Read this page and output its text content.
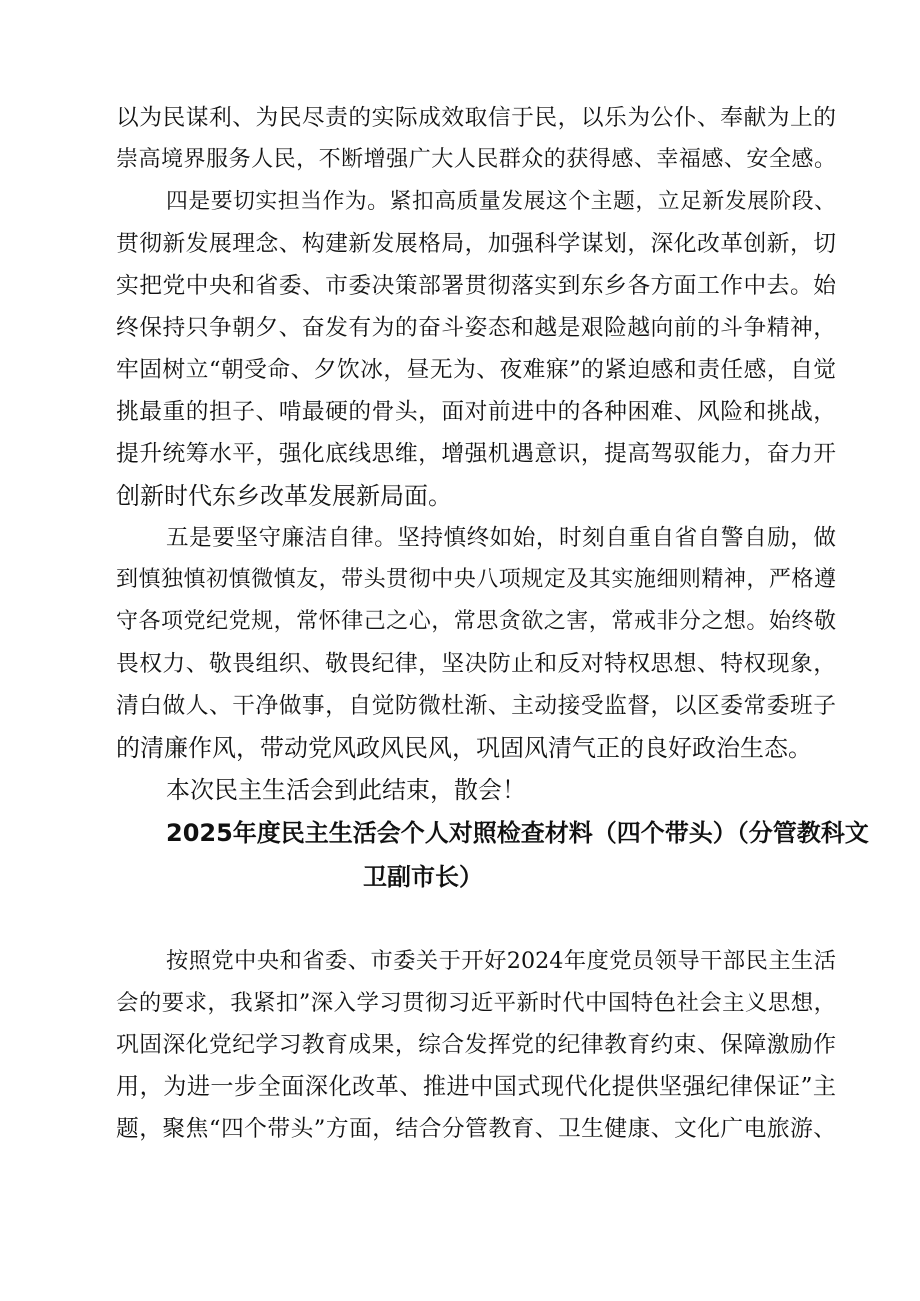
以为民谋利、为民尽责的实际成效取信于民，以乐为公仆、奉献为上的
崇高境界服务人民，不断增强广大人民群众的获得感、幸福感、安全感。
四是要切实担当作为。紧扣高质量发展这个主题，立足新发展阶段、
贯彻新发展理念、构建新发展格局，加强科学谋划，深化改革创新，切
实把党中央和省委、市委决策部署贯彻落实到东乡各方面工作中去。始
终保持只争朝夕、奋发有为的奋斗姿态和越是艰险越向前的斗争精神，
牢固树立“朝受命、夕饮冰，昼无为、夜难寐”的紧迫感和责任感，自觉
挑最重的担子、啃最硬的骨头，面对前进中的各种困难、风险和挑战，
提升统筹水平，强化底线思维，增强机遇意识，提高驾驭能力，奋力开
创新时代东乡改革发展新局面。
五是要坚守廉洁自律。坚持慎终如始，时刻自重自省自警自励，做
到慎独慎初慎微慎友，带头贯彻中央八项规定及其实施细则精神，严格遵
守各项党纪党规，常怀律己之心，常思贪欲之害，常戒非分之想。始终敬
畏权力、敬畏组织、敬畏纪律，坚决防止和反对特权思想、特权现象，
清白做人、干净做事，自觉防微杜渐、主动接受监督，以区委常委班子
的清廉作风，带动党风政风民风，巩固风清气正的良好政治生态。
本次民主生活会到此结束，散会！
2025年度民主生活会个人对照检查材料（四个带头）（分管教科文
卫副市长）
按照党中央和省委、市委关于开好2024年度党员领导干部民主生活
会的要求，我紧扣”深入学习贯彻习近平新时代中国特色社会主义思想，
巩固深化党纪学习教育成果，综合发挥党的纪律教育约束、保障激励作
用，为进一步全面深化改革、推进中国式现代化提供坚强纪律保证”主
题，聚焦“四个带头”方面，结合分管教育、卫生健康、文化广电旅游、
